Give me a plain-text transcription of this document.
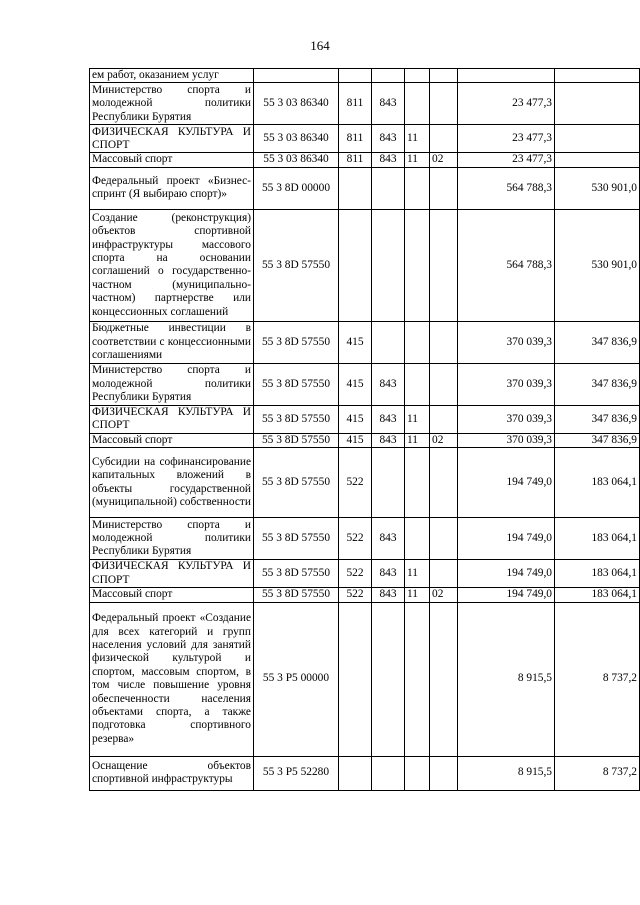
164
ем работ, оказанием услуг							
Министерство спорта и молодежной политики Республики Бурятия	55 3 03 86340	811	843			23 477,3	
ФИЗИЧЕСКАЯ КУЛЬТУРА И СПОРТ	55 3 03 86340	811	843	11		23 477,3	
Массовый спорт	55 3 03 86340	811	843	11	02	23 477,3	
Федеральный проект «Бизнес-спринт (Я выбираю спорт)»	55 3 8D 00000					564 788,3	530 901,0
Создание (реконструкция) объектов спортивной инфраструктуры массового спорта на основании соглашений о государственно-частном (муниципально-частном) партнерстве или концессионных соглашений	55 3 8D 57550					564 788,3	530 901,0
Бюджетные инвестиции в соответствии с концессионными соглашениями	55 3 8D 57550	415				370 039,3	347 836,9
Министерство спорта и молодежной политики Республики Бурятия	55 3 8D 57550	415	843			370 039,3	347 836,9
ФИЗИЧЕСКАЯ КУЛЬТУРА И СПОРТ	55 3 8D 57550	415	843	11		370 039,3	347 836,9
Массовый спорт	55 3 8D 57550	415	843	11	02	370 039,3	347 836,9
Субсидии на софинансирование капитальных вложений в объекты государственной (муниципальной) собственности	55 3 8D 57550	522				194 749,0	183 064,1
Министерство спорта и молодежной политики Республики Бурятия	55 3 8D 57550	522	843			194 749,0	183 064,1
ФИЗИЧЕСКАЯ КУЛЬТУРА И СПОРТ	55 3 8D 57550	522	843	11		194 749,0	183 064,1
Массовый спорт	55 3 8D 57550	522	843	11	02	194 749,0	183 064,1
Федеральный проект «Создание для всех категорий и групп населения условий для занятий физической культурой и спортом, массовым спортом, в том числе повышение уровня обеспеченности населения объектами спорта, а также подготовка спортивного резерва»	55 3 P5 00000					8 915,5	8 737,2
Оснащение объектов спортивной инфраструктуры	55 3 P5 52280					8 915,5	8 737,2
